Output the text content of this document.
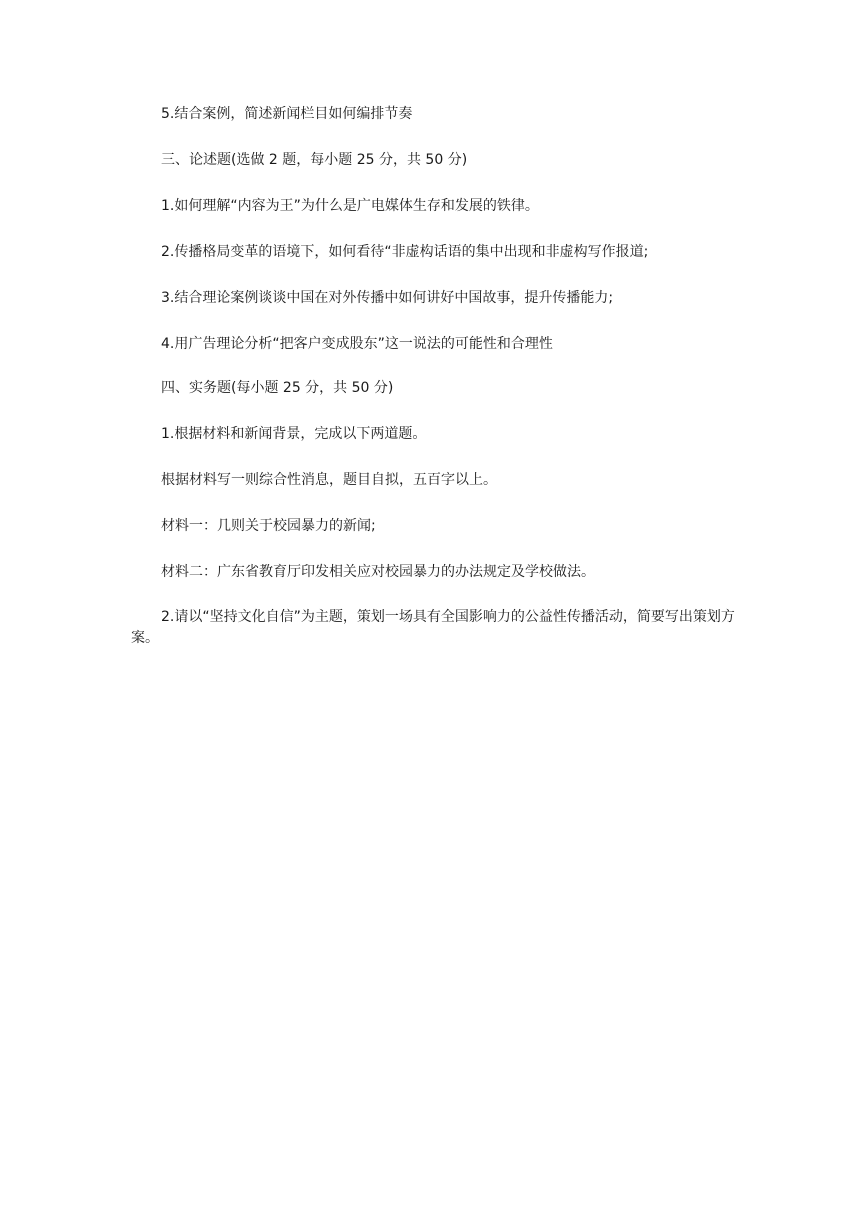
5.结合案例，简述新闻栏目如何编排节奏

三、论述题(选做 2 题，每小题 25 分，共 50 分)

1.如何理解“内容为王”为什么是广电媒体生存和发展的铁律。

2.传播格局变革的语境下，如何看待“非虚构话语的集中出现和非虚构写作报道;

3.结合理论案例谈谈中国在对外传播中如何讲好中国故事，提升传播能力;

4.用广告理论分析“把客户变成股东”这一说法的可能性和合理性

四、实务题(每小题 25 分，共 50 分)

1.根据材料和新闻背景，完成以下两道题。

根据材料写一则综合性消息，题目自拟，五百字以上。

材料一：几则关于校园暴力的新闻;

材料二：广东省教育厅印发相关应对校园暴力的办法规定及学校做法。

2.请以“坚持文化自信”为主题，策划一场具有全国影响力的公益性传播活动，简要写出策划方案。
